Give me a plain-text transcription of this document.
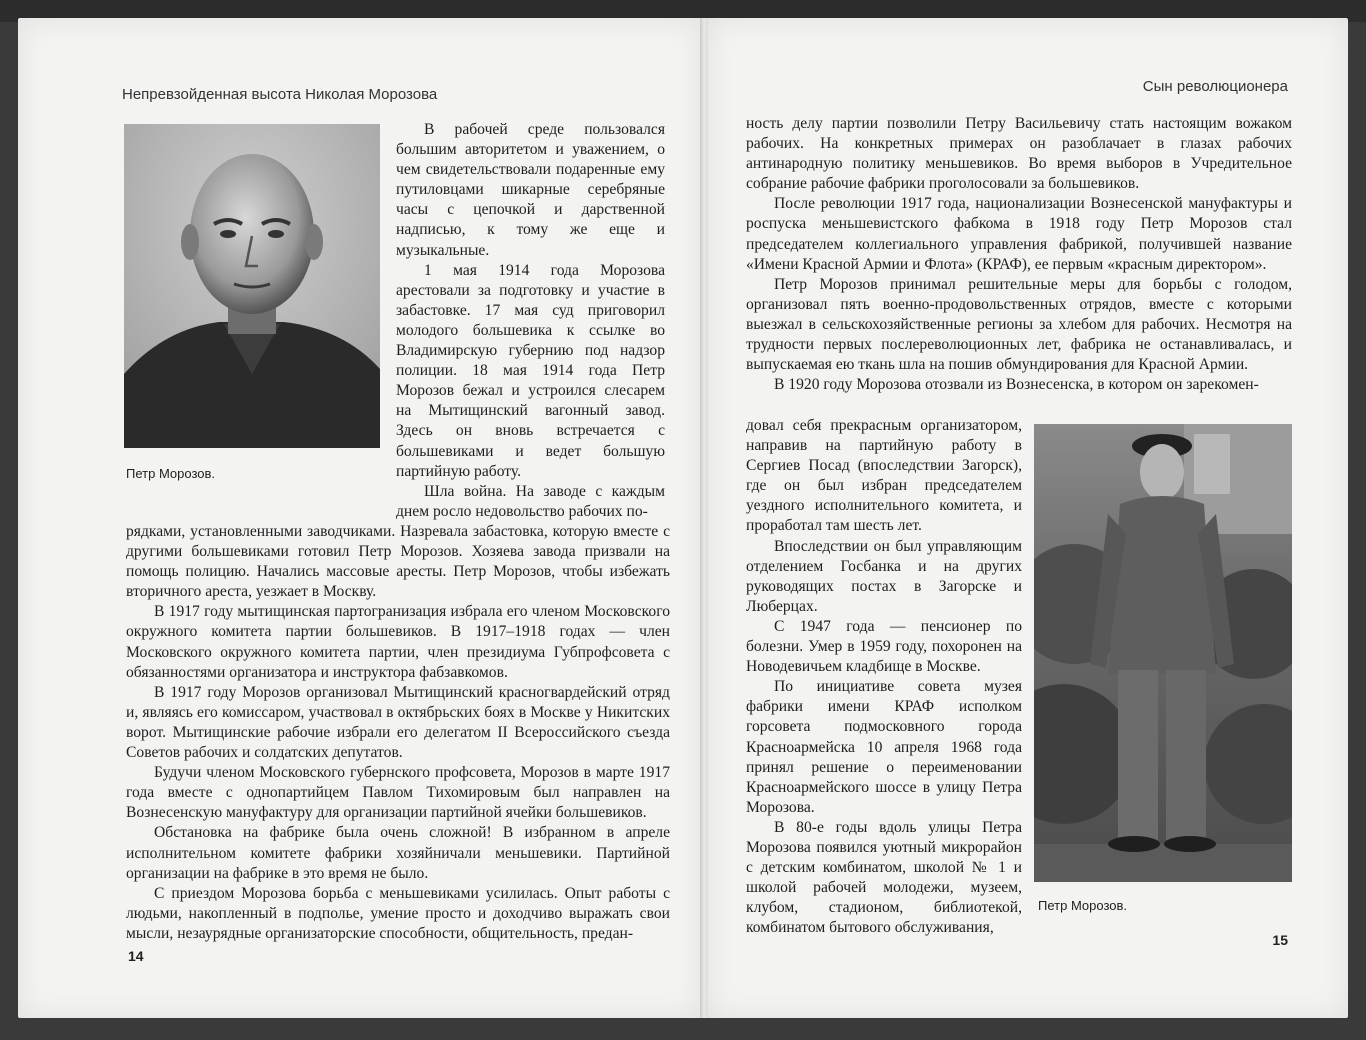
Непревзойденная высота Николая Морозова
Петр Морозов.

В рабочей среде пользовался большим авторитетом и уважением, о чем свидетельствовали подаренные ему путиловцами шикарные серебряные часы с цепочкой и дарственной надписью, к тому же еще и музыкальные.

1 мая 1914 года Морозова арестовали за подготовку и участие в забастовке. 17 мая суд приговорил молодого большевика к ссылке во Владимирскую губернию под надзор полиции. 18 мая 1914 года Петр Морозов бежал и устроился слесарем на Мытищинский вагонный завод. Здесь он вновь встречается с большевиками и ведет большую партийную работу.

Шла война. На заводе с каждым днем росло недовольство рабочих по-

рядками, установленными заводчиками. Назревала забастовка, которую вместе с другими большевиками готовил Петр Морозов. Хозяева завода призвали на помощь полицию. Начались массовые аресты. Петр Морозов, чтобы избежать вторичного ареста, уезжает в Москву.

В 1917 году мытищинская партогранизация избрала его членом Московского окружного комитета партии большевиков. В 1917–1918 годах — член Московского окружного комитета партии, член президиума Губпрофсовета с обязанностями организатора и инструктора фабзавкомов.

В 1917 году Морозов организовал Мытищинский красногвардейский отряд и, являясь его комиссаром, участвовал в октябрьских боях в Москве у Никитских ворот. Мытищинские рабочие избрали его делегатом II Всероссийского съезда Советов рабочих и солдатских депутатов.

Будучи членом Московского губернского профсовета, Морозов в марте 1917 года вместе с однопартийцем Павлом Тихомировым был направлен на Вознесенскую мануфактуру для организации партийной ячейки большевиков.

Обстановка на фабрике была очень сложной! В избранном в апреле исполнительном комитете фабрики хозяйничали меньшевики. Партийной организации на фабрике в это время не было.

С приездом Морозова борьба с меньшевиками усилилась. Опыт работы с людьми, накопленный в подполье, умение просто и доходчиво выражать свои мысли, незаурядные организаторские способности, общительность, предан-

14
Сын революционера

ность делу партии позволили Петру Васильевичу стать настоящим вожаком рабочих. На конкретных примерах он разоблачает в глазах рабочих антинародную политику меньшевиков. Во время выборов в Учредительное собрание рабочие фабрики проголосовали за большевиков.

После революции 1917 года, национализации Вознесенской мануфактуры и роспуска меньшевистского фабкома в 1918 году Петр Морозов стал председателем коллегиального управления фабрикой, получившей название «Имени Красной Армии и Флота» (КРАФ), ее первым «красным директором».

Петр Морозов принимал решительные меры для борьбы с голодом, организовал пять военно-продовольственных отрядов, вместе с которыми выезжал в сельскохозяйственные регионы за хлебом для рабочих. Несмотря на трудности первых послереволюционных лет, фабрика не останавливалась, и выпускаемая ею ткань шла на пошив обмундирования для Красной Армии.

В 1920 году Морозова отозвали из Вознесенска, в котором он зарекомен-

довал себя прекрасным организатором, направив на партийную работу в Сергиев Посад (впоследствии Загорск), где он был избран председателем уездного исполнительного комитета, и проработал там шесть лет.

Впоследствии он был управляющим отделением Госбанка и на других руководящих постах в Загорске и Люберцах.

С 1947 года — пенсионер по болезни. Умер в 1959 году, похоронен на Новодевичьем кладбище в Москве.

По инициативе совета музея фабрики имени КРАФ исполком горсовета подмосковного города Красноармейска 10 апреля 1968 года принял решение о переименовании Красноармейского шоссе в улицу Петра Морозова.

В 80-е годы вдоль улицы Петра Морозова появился уютный микрорайон с детским комбинатом, школой № 1 и школой рабочей молодежи, музеем, клубом, стадионом, библиотекой, комбинатом бытового обслуживания,

Петр Морозов.
15
